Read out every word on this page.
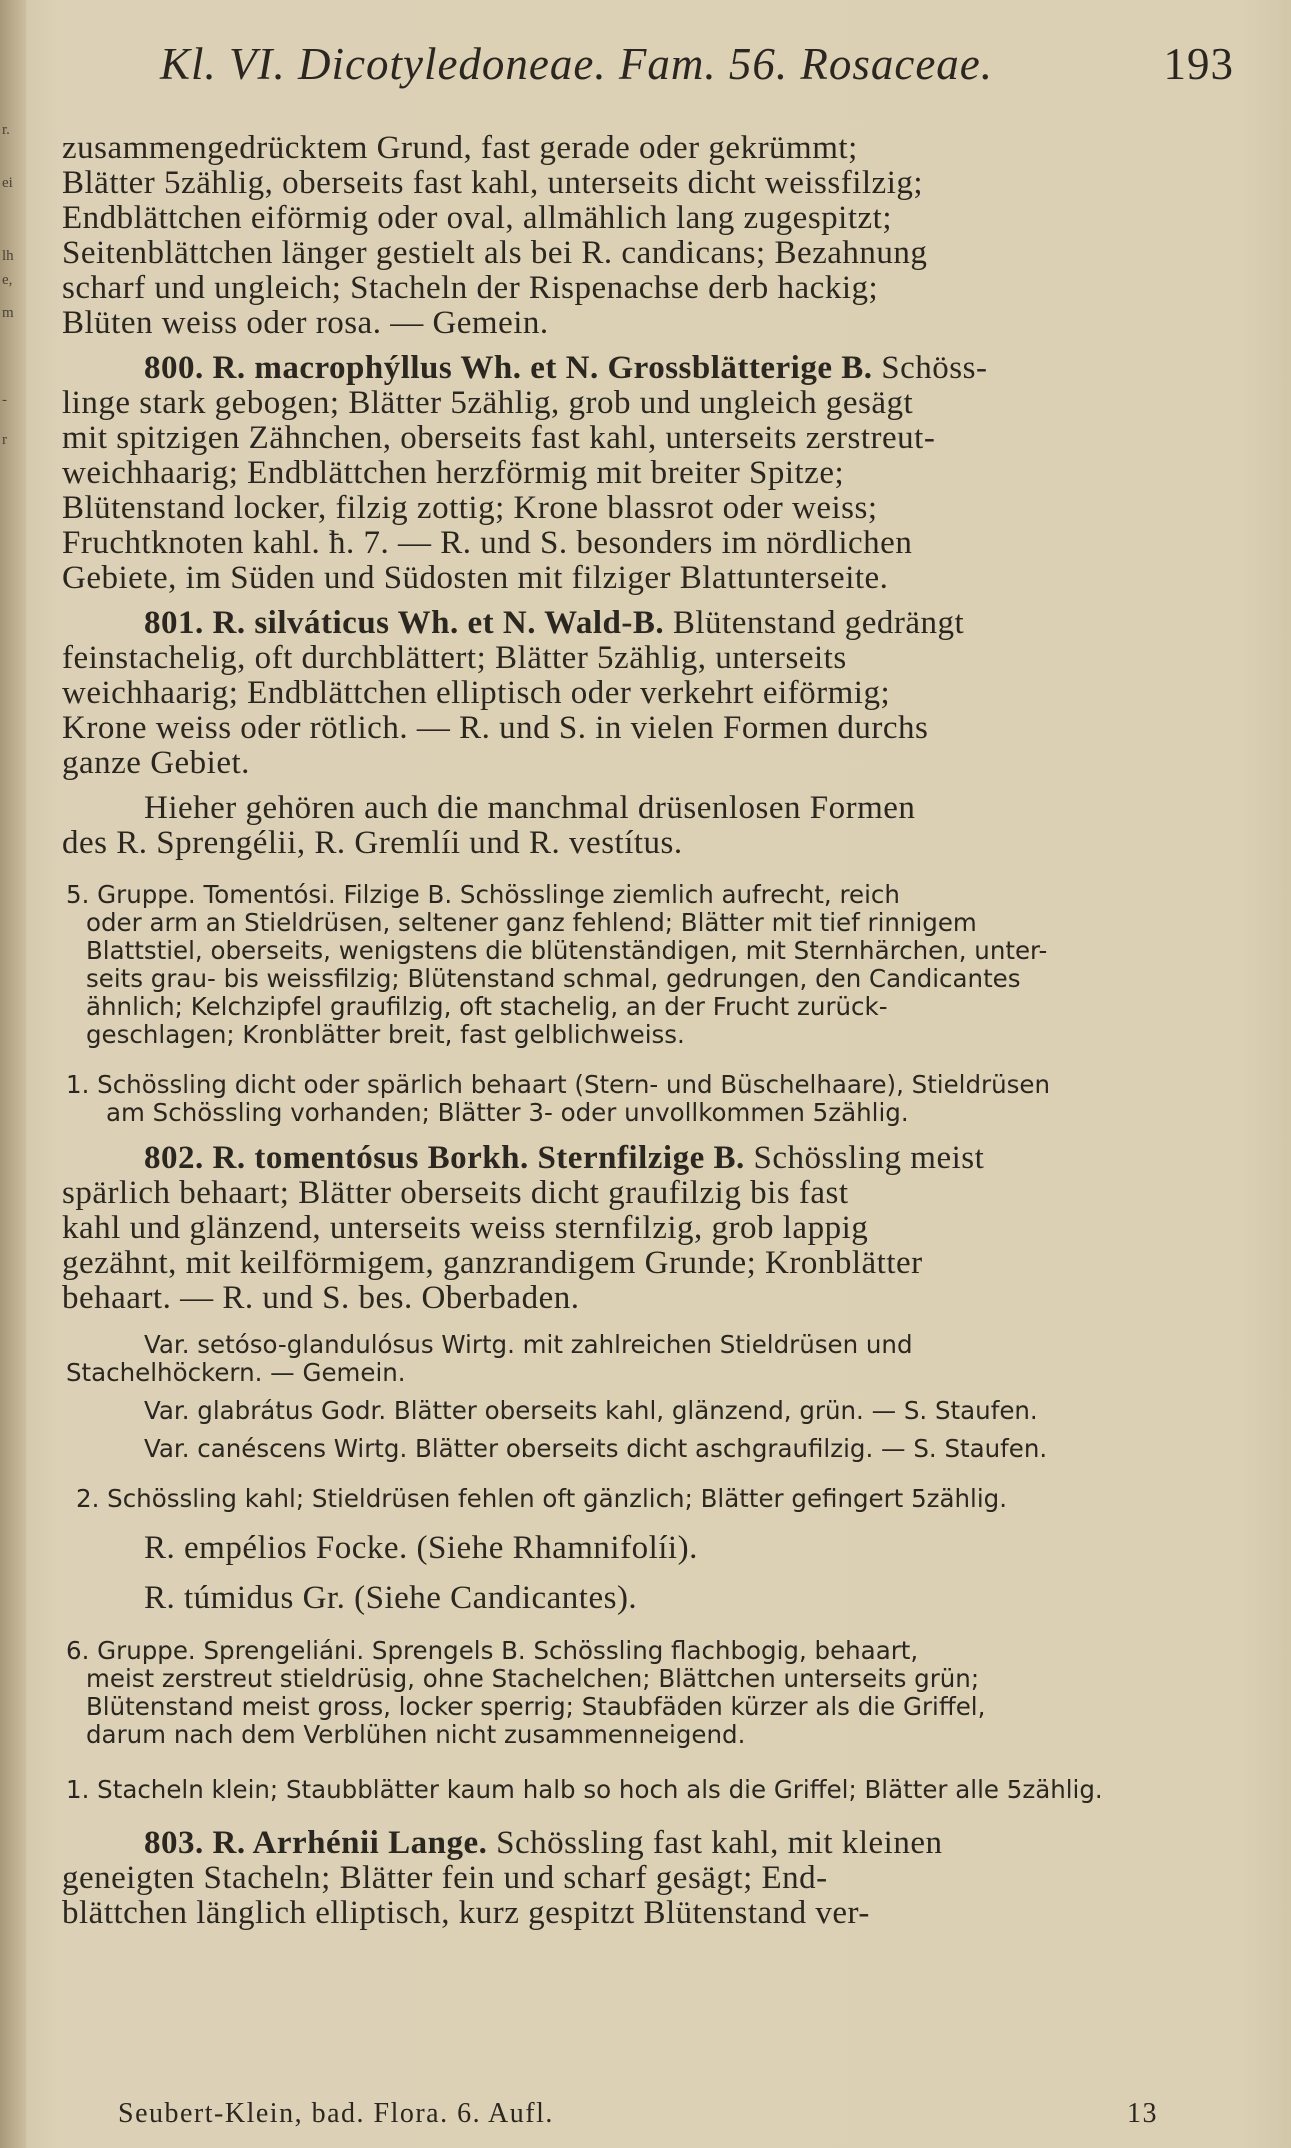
r.
ei
lh
e,
m
-
r
Kl. VI. Dicotyledoneae. Fam. 56. Rosaceae.	193
zusammengedrücktem Grund, fast gerade oder gekrümmt;
Blätter 5zählig, oberseits fast kahl, unterseits dicht weissfilzig;
Endblättchen eiförmig oder oval, allmählich lang zugespitzt;
Seitenblättchen länger gestielt als bei R. candicans; Bezahnung
scharf und ungleich; Stacheln der Rispenachse derb hackig;
Blüten weiss oder rosa. — Gemein.
800. R. macrophýllus Wh. et N. Grossblätterige B. Schöss-
linge stark gebogen; Blätter 5zählig, grob und ungleich gesägt
mit spitzigen Zähnchen, oberseits fast kahl, unterseits zerstreut-
weichhaarig; Endblättchen herzförmig mit breiter Spitze;
Blütenstand locker, filzig zottig; Krone blassrot oder weiss;
Fruchtknoten kahl. ħ. 7. — R. und S. besonders im nördlichen
Gebiete, im Süden und Südosten mit filziger Blattunterseite.
801. R. silváticus Wh. et N. Wald-B. Blütenstand gedrängt
feinstachelig, oft durchblättert; Blätter 5zählig, unterseits
weichhaarig; Endblättchen elliptisch oder verkehrt eiförmig;
Krone weiss oder rötlich. — R. und S. in vielen Formen durchs
ganze Gebiet.
Hieher gehören auch die manchmal drüsenlosen Formen
des R. Sprengélii, R. Gremlíi und R. vestítus.
5. Gruppe. Tomentósi. Filzige B. Schösslinge ziemlich aufrecht, reich
oder arm an Stieldrüsen, seltener ganz fehlend; Blätter mit tief rinnigem
Blattstiel, oberseits, wenigstens die blütenständigen, mit Sternhärchen, unter-
seits grau- bis weissfilzig; Blütenstand schmal, gedrungen, den Candicantes
ähnlich; Kelchzipfel graufilzig, oft stachelig, an der Frucht zurück-
geschlagen; Kronblätter breit, fast gelblichweiss.
1. Schössling dicht oder spärlich behaart (Stern- und Büschelhaare), Stieldrüsen
am Schössling vorhanden; Blätter 3- oder unvollkommen 5zählig.
802. R. tomentósus Borkh. Sternfilzige B. Schössling meist
spärlich behaart; Blätter oberseits dicht graufilzig bis fast
kahl und glänzend, unterseits weiss sternfilzig, grob lappig
gezähnt, mit keilförmigem, ganzrandigem Grunde; Kronblätter
behaart. — R. und S. bes. Oberbaden.
Var. setóso-glandulósus Wirtg. mit zahlreichen Stieldrüsen und
Stachelhöckern. — Gemein.
Var. glabrátus Godr. Blätter oberseits kahl, glänzend, grün. — S. Staufen.
Var. canéscens Wirtg. Blätter oberseits dicht aschgraufilzig. — S. Staufen.
2. Schössling kahl; Stieldrüsen fehlen oft gänzlich; Blätter gefingert 5zählig.
R. empélios Focke. (Siehe Rhamnifolíi).
R. túmidus Gr. (Siehe Candicantes).
6. Gruppe. Sprengeliáni. Sprengels B. Schössling flachbogig, behaart,
meist zerstreut stieldrüsig, ohne Stachelchen; Blättchen unterseits grün;
Blütenstand meist gross, locker sperrig; Staubfäden kürzer als die Griffel,
darum nach dem Verblühen nicht zusammenneigend.
1. Stacheln klein; Staubblätter kaum halb so hoch als die Griffel; Blätter alle 5zählig.
803. R. Arrhénii Lange. Schössling fast kahl, mit kleinen
geneigten Stacheln; Blätter fein und scharf gesägt; End-
blättchen länglich elliptisch, kurz gespitzt Blütenstand ver-
Seubert-Klein, bad. Flora. 6. Aufl.	13
